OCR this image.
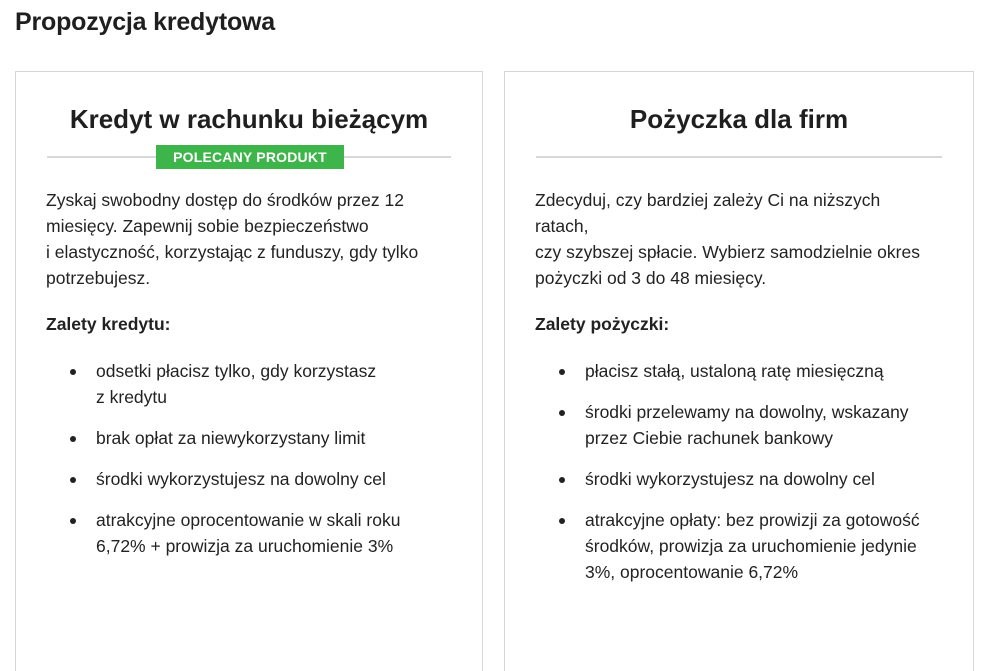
Propozycja kredytowa
Kredyt w rachunku bieżącym
POLECANY PRODUKT

Zyskaj swobodny dostęp do środków przez 12
miesięcy. Zapewnij sobie bezpieczeństwo
i elastyczność, korzystając z funduszy, gdy tylko
potrzebujesz.

Zalety kredytu:

odsetki płacisz tylko, gdy korzystasz
z kredytu
brak opłat za niewykorzystany limit
środki wykorzystujesz na dowolny cel
atrakcyjne oprocentowanie w skali roku
6,72% + prowizja za uruchomienie 3%
Pożyczka dla firm

Zdecyduj, czy bardziej zależy Ci na niższych
ratach,
czy szybszej spłacie. Wybierz samodzielnie okres
pożyczki od 3 do 48 miesięcy.

Zalety pożyczki:

płacisz stałą, ustaloną ratę miesięczną
środki przelewamy na dowolny, wskazany
przez Ciebie rachunek bankowy
środki wykorzystujesz na dowolny cel
atrakcyjne opłaty: bez prowizji za gotowość
środków, prowizja za uruchomienie jedynie
3%, oprocentowanie 6,72%
